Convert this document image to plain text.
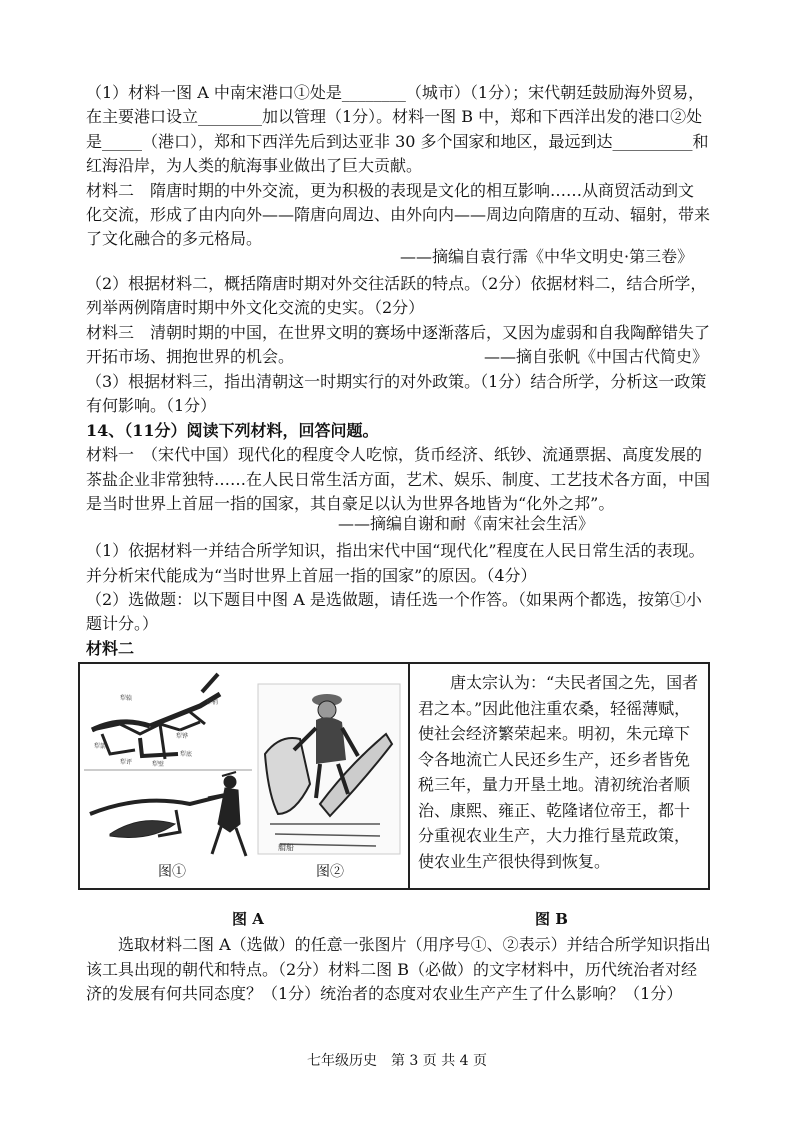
（1）材料一图 A 中南宋港口①处是________（城市）（1分）；宋代朝廷鼓励海外贸易，
在主要港口设立________加以管理（1分）。材料一图 B 中，郑和下西洋出发的港口②处
是_____（港口），郑和下西洋先后到达亚非 30 多个国家和地区，最远到达__________和
红海沿岸，为人类的航海事业做出了巨大贡献。
材料二　隋唐时期的中外交流，更为积极的表现是文化的相互影响……从商贸活动到文
化交流，形成了由内向外——隋唐向周边、由外向内——周边向隋唐的互动、辐射，带来
了文化融合的多元格局。
——摘编自袁行霈《中华文明史·第三卷》
（2）根据材料二，概括隋唐时期对外交往活跃的特点。（2分）依据材料二，结合所学，
列举两例隋唐时期中外文化交流的史实。（2分）
材料三　清朝时期的中国，在世界文明的赛场中逐渐落后，又因为虚弱和自我陶醉错失了
开拓市场、拥抱世界的机会。	——摘自张帆《中国古代简史》
（3）根据材料三，指出清朝这一时期实行的对外政策。（1分）结合所学，分析这一政策
有何影响。（1分）
14、（11分）阅读下列材料，回答问题。
材料一　（宋代中国）现代化的程度令人吃惊，货币经济、纸钞、流通票据、高度发展的
茶盐企业非常独特……在人民日常生活方面，艺术、娱乐、制度、工艺技术各方面，中国
是当时世界上首屈一指的国家，其自豪足以认为世界各地皆为“化外之邦”。
——摘编自谢和耐《南宋社会生活》
（1）依据材料一并结合所学知识，指出宋代中国“现代化”程度在人民日常生活的表现。
并分析宋代能成为“当时世界上首屈一指的国家”的原因。（4分）
（2）选做题：以下题目中图 A 是选做题，请任选一个作答。（如果两个都选，按第①小
题计分。）
材料二
犁辕
犁箭
犁评	犁壁
犁铧
犁底
犁梢
图①
䑵船
图②

唐太宗认为：“夫民者国之先，国者君之本。”因此他注重农桑，轻徭薄赋，使社会经济繁荣起来。明初，朱元璋下令各地流亡人民还乡生产，还乡者皆免税三年，量力开垦土地。清初统治者顺治、康熙、雍正、乾隆诸位帝王，都十分重视农业生产，大力推行垦荒政策，使农业生产很快得到恢复。

图 A	图 B
选取材料二图 A（选做）的任意一张图片（用序号①、②表示）并结合所学知识指出
该工具出现的朝代和特点。（2分）材料二图 B（必做）的文字材料中，历代统治者对经
济的发展有何共同态度？（1分）统治者的态度对农业生产产生了什么影响？（1分）
七年级历史　第 3 页 共 4 页
